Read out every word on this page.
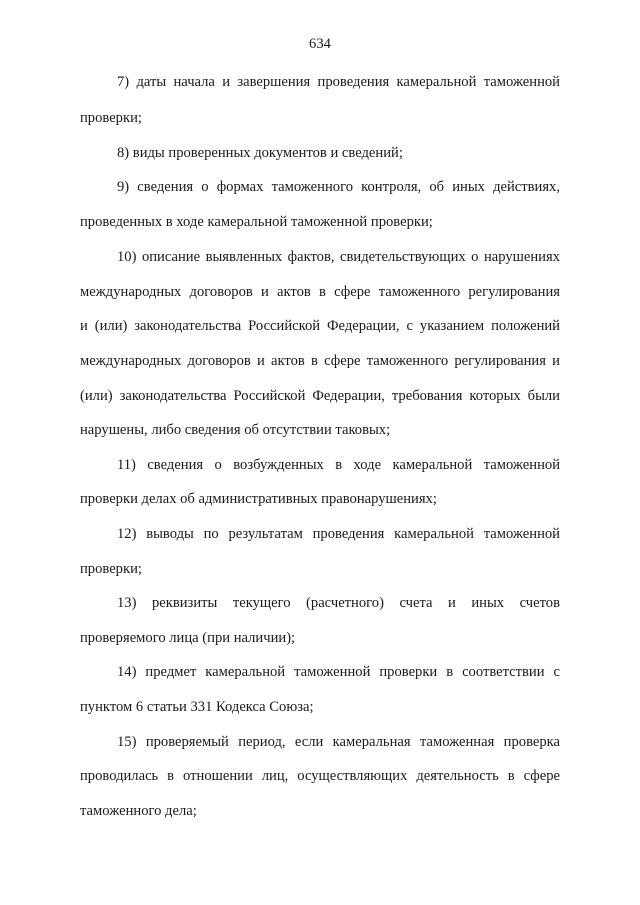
634
7) даты начала и завершения проведения камеральной таможенной
проверки;
8) виды проверенных документов и сведений;
9) сведения о формах таможенного контроля, об иных действиях,
проведенных в ходе камеральной таможенной проверки;
10) описание выявленных фактов, свидетельствующих о нарушениях
международных договоров и актов в сфере таможенного регулирования
и (или) законодательства Российской Федерации, с указанием положений
международных договоров и актов в сфере таможенного регулирования и
(или) законодательства Российской Федерации, требования которых были
нарушены, либо сведения об отсутствии таковых;
11) сведения о возбужденных в ходе камеральной таможенной
проверки делах об административных правонарушениях;
12) выводы по результатам проведения камеральной таможенной
проверки;
13) реквизиты текущего (расчетного) счета и иных счетов
проверяемого лица (при наличии);
14) предмет камеральной таможенной проверки в соответствии с
пунктом 6 статьи 331 Кодекса Союза;
15) проверяемый период, если камеральная таможенная проверка
проводилась в отношении лиц, осуществляющих деятельность в сфере
таможенного дела;
